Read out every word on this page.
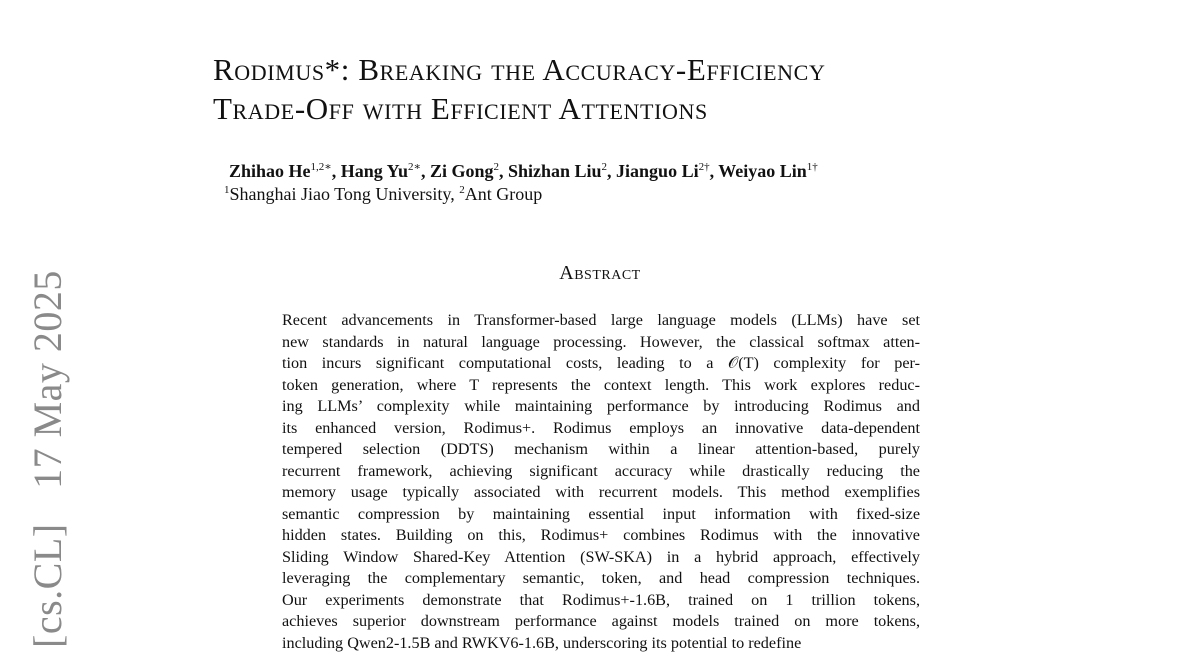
[cs.CL] 17 May 2025
Rodimus*: Breaking the Accuracy-Efficiency
Trade-Off with Efficient Attentions
Zhihao $He^{1,2∗}$, Hang $Yu^{2∗}$, Zi Gong$^2$, Shizhan Liu$^2$, Jianguo $Li^{2\dagger}$, Weiyao Lin$^{1\dagger}$
$^1$Shanghai Jiao Tong University, $^2$Ant Group
Abstract
Recent advancements in Transformer-based large language models (LLMs) have set
new standards in natural language processing. However, the classical softmax atten-
tion incurs significant computational costs, leading to a 𝒪(T) complexity for per-
token generation, where T represents the context length. This work explores reduc-
ing LLMs’ complexity while maintaining performance by introducing Rodimus and
its enhanced version, Rodimus+. Rodimus employs an innovative data-dependent
tempered selection (DDTS) mechanism within a linear attention-based, purely
recurrent framework, achieving significant accuracy while drastically reducing the
memory usage typically associated with recurrent models. This method exemplifies
semantic compression by maintaining essential input information with fixed-size
hidden states. Building on this, Rodimus+ combines Rodimus with the innovative
Sliding Window Shared-Key Attention (SW-SKA) in a hybrid approach, effectively
leveraging the complementary semantic, token, and head compression techniques.
Our experiments demonstrate that Rodimus+-1.6B, trained on 1 trillion tokens,
achieves superior downstream performance against models trained on more tokens,
including Qwen2-1.5B and RWKV6-1.6B, underscoring its potential to redefine
